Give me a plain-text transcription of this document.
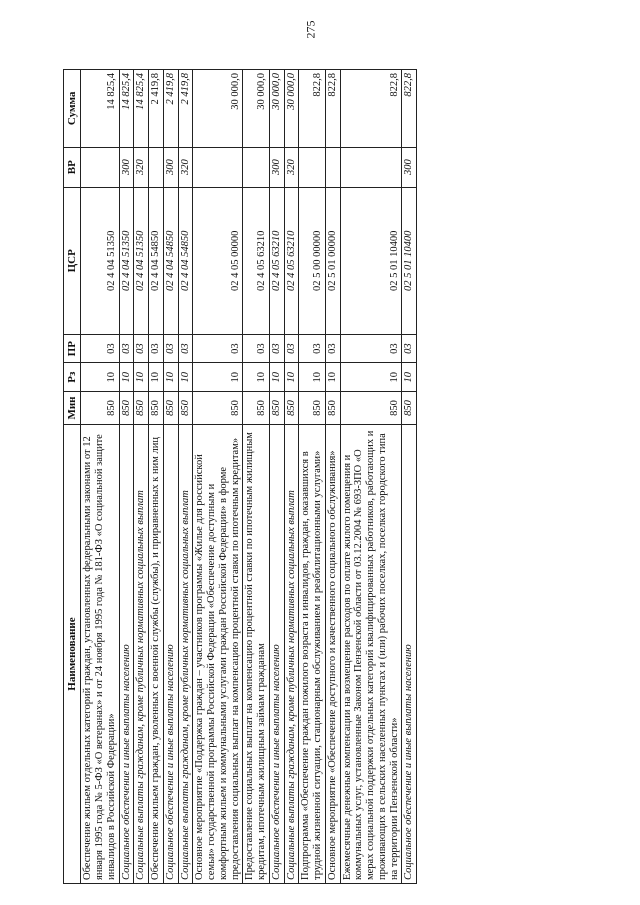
275
Наименование	Мин	Рз	ПР	ЦСР	ВР	Сумма
Обеспечение жильем отдельных категорий граждан, установленных федеральными законами от 12 января 1995 года № 5-ФЗ «О ветеранах» и от 24 ноября 1995 года № 181-ФЗ «О социальной защите инвалидов в Российской Федерации»	850	10	03	02 4 04 51350		14 825,4
Социальное обеспечение и иные выплаты населению	850	10	03	02 4 04 51350	300	14 825,4
Социальные выплаты гражданам, кроме публичных нормативных социальных выплат	850	10	03	02 4 04 51350	320	14 825,4
Обеспечение жильем граждан, уволенных с военной службы (службы), и приравненных к ним лиц	850	10	03	02 4 04 54850		2 419,8
Социальное обеспечение и иные выплаты населению	850	10	03	02 4 04 54850	300	2 419,8
Социальные выплаты гражданам, кроме публичных нормативных социальных выплат	850	10	03	02 4 04 54850	320	2 419,8
Основное мероприятие «Поддержка граждан – участников программы «Жилье для российской семьи» государственной программы Российской Федерации «Обеспечение доступным и комфортным жильем и коммунальными услугами граждан Российской Федерации» в форме предоставления социальных выплат на компенсацию процентной ставки по ипотечным кредитам»	850	10	03	02 4 05 00000		30 000,0
Предоставление социальных выплат на компенсацию процентной ставки по ипотечным жилищным кредитам, ипотечным жилищным займам гражданам	850	10	03	02 4 05 63210		30 000,0
Социальное обеспечение и иные выплаты населению	850	10	03	02 4 05 63210	300	30 000,0
Социальные выплаты гражданам, кроме публичных нормативных социальных выплат	850	10	03	02 4 05 63210	320	30 000,0
Подпрограмма «Обеспечение граждан пожилого возраста и инвалидов, граждан, оказавшихся в трудной жизненной ситуации, стационарным обслуживанием и реабилитационными услугами»	850	10	03	02 5 00 00000		822,8
Основное мероприятие «Обеспечение доступного и качественного социального обслуживания»	850	10	03	02 5 01 00000		822,8
Ежемесячные денежные компенсации на возмещение расходов по оплате жилого помещения и коммунальных услуг, установленные Законом Пензенской области от 03.12.2004 № 693-ЗПО «О мерах социальной поддержки отдельных категорий квалифицированных работников, работающих и проживающих в сельских населенных пунктах и (или) рабочих поселках, поселках городского типа на территории Пензенской области»	850	10	03	02 5 01 10400		822,8
Социальное обеспечение и иные выплаты населению	850	10	03	02 5 01 10400	300	822,8
